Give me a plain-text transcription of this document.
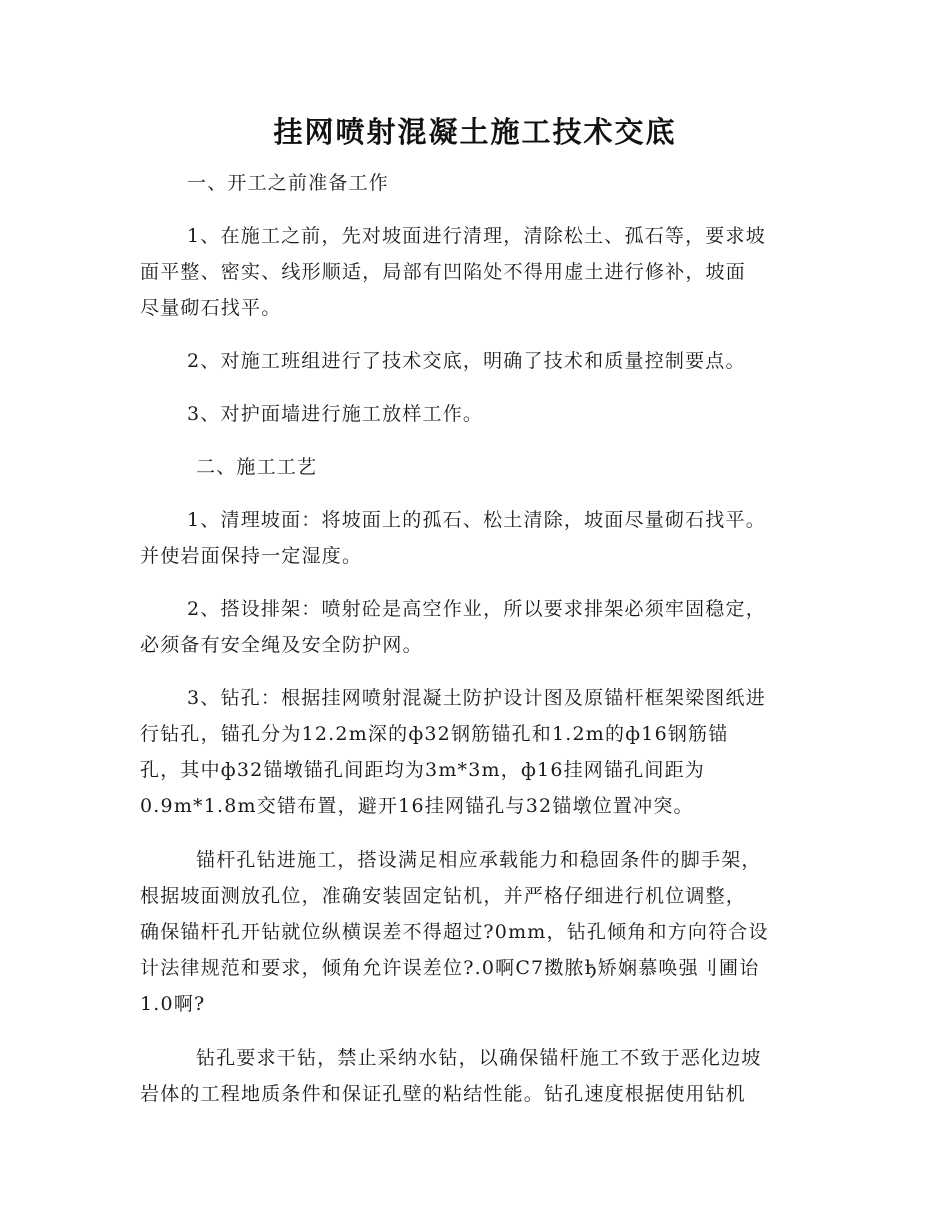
挂网喷射混凝土施工技术交底
一、开工之前准备工作
1、在施工之前，先对坡面进行清理，清除松土、孤石等，要求坡
面平整、密实、线形顺适，局部有凹陷处不得用虚土进行修补，坡面
尽量砌石找平。
2、对施工班组进行了技术交底，明确了技术和质量控制要点。
3、对护面墙进行施工放样工作。
二、施工工艺
1、清理坡面：将坡面上的孤石、松土清除，坡面尽量砌石找平。
并使岩面保持一定湿度。
2、搭设排架：喷射砼是高空作业，所以要求排架必须牢固稳定，
必须备有安全绳及安全防护网。
3、钻孔：根据挂网喷射混凝土防护设计图及原锚杆框架梁图纸进
行钻孔，锚孔分为12.2m深的ф32钢筋锚孔和1.2m的ф16钢筋锚
孔，其中ф32锚墩锚孔间距均为3m*3m，ф16挂网锚孔间距为
0.9m*1.8m交错布置，避开16挂网锚孔与32锚墩位置冲突。
锚杆孔钻进施工，搭设满足相应承载能力和稳固条件的脚手架，
根据坡面测放孔位，准确安装固定钻机，并严格仔细进行机位调整，
确保锚杆孔开钻就位纵横误差不得超过?0mm，钻孔倾角和方向符合设
计法律规范和要求，倾角允许误差位?.0啊C7擞脓ђ矫娴慕唤强刂圃诒
1.0啊?
钻孔要求干钻，禁止采纳水钻，以确保锚杆施工不致于恶化边坡
岩体的工程地质条件和保证孔壁的粘结性能。钻孔速度根据使用钻机
